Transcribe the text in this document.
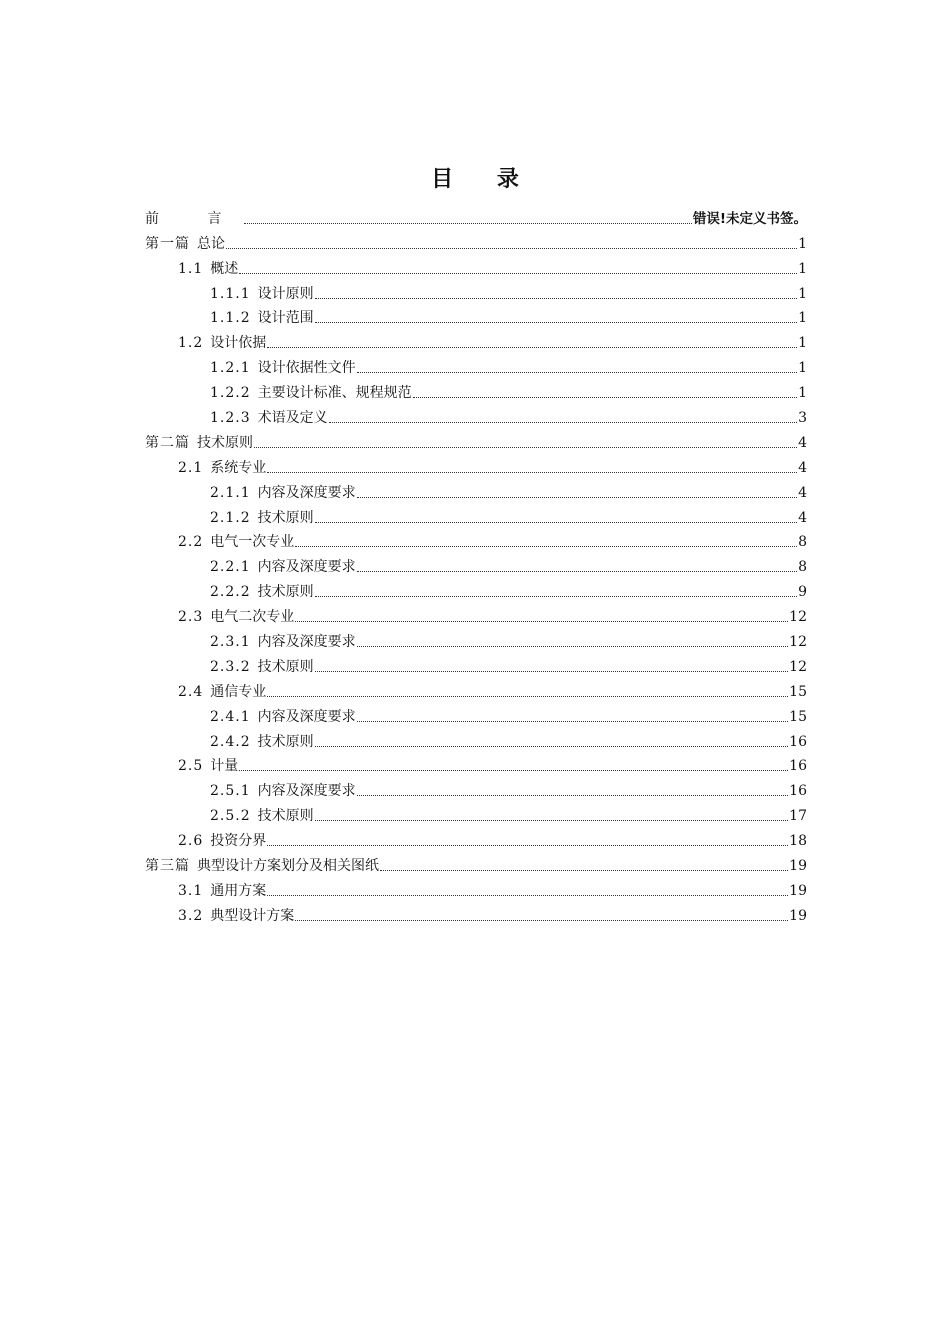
目 录
前 言	错误!未定义书签。
第一篇 总论	1
1.1 概述	1
1.1.1 设计原则	1
1.1.2 设计范围	1
1.2 设计依据	1
1.2.1 设计依据性文件	1
1.2.2 主要设计标准、规程规范	1
1.2.3 术语及定义	3
第二篇 技术原则	4
2.1 系统专业	4
2.1.1 内容及深度要求	4
2.1.2 技术原则	4
2.2 电气一次专业	8
2.2.1 内容及深度要求	8
2.2.2 技术原则	9
2.3 电气二次专业	12
2.3.1 内容及深度要求	12
2.3.2 技术原则	12
2.4 通信专业	15
2.4.1 内容及深度要求	15
2.4.2 技术原则	16
2.5 计量	16
2.5.1 内容及深度要求	16
2.5.2 技术原则	17
2.6 投资分界	18
第三篇 典型设计方案划分及相关图纸	19
3.1 通用方案	19
3.2 典型设计方案	19
